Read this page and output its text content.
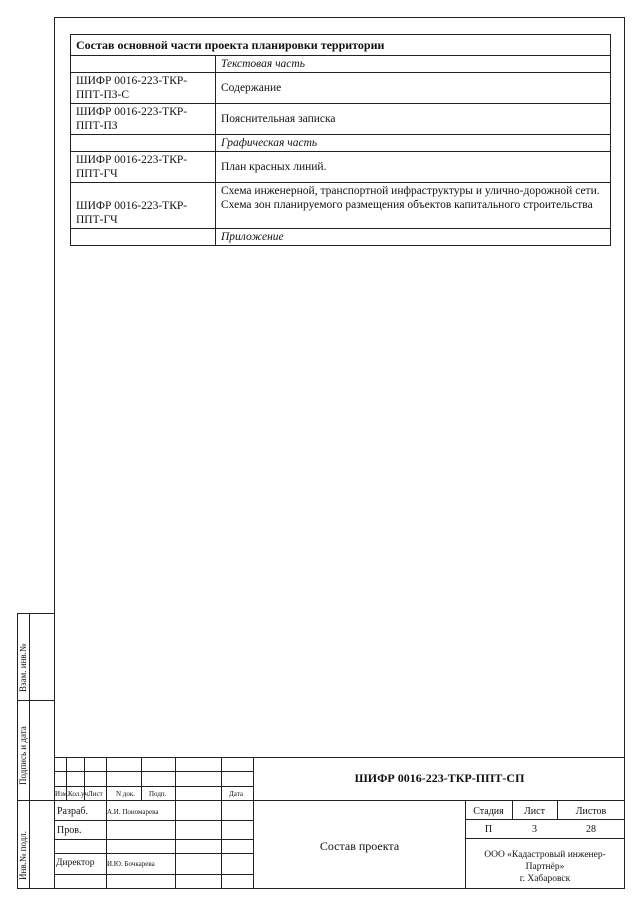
Взам. инв.№
Подпись и дата
Инв.№ подл.
Состав основной части проекта планировки территории	
	Текстовая часть
ШИФР 0016-223-ТКР-ППТ-ПЗ-С	Содержание
ШИФР 0016-223-ТКР-ППТ-ПЗ	Пояснительная записка
	Графическая часть
ШИФР 0016-223-ТКР-ППТ-ГЧ	План красных линий.
ШИФР 0016-223-ТКР-ППТ-ГЧ	Схема инженерной, транспортной инфраструктуры и улично-дорожной сети.
Схема зон планируемого размещения объектов капитального строительства

	Приложение
Изм. Кол.уч Лист N док. Подп.	Дата
Разраб.	А.И. Пономарева
Пров.
Директор И.Ю. Бочкарева
ШИФР 0016-223-ТКР-ППТ-СП
Состав проекта
Стадия	Лист	Листов
П	3	28
ООО «Кадастровый инженер-
Партнёр»
г. Хабаровск
